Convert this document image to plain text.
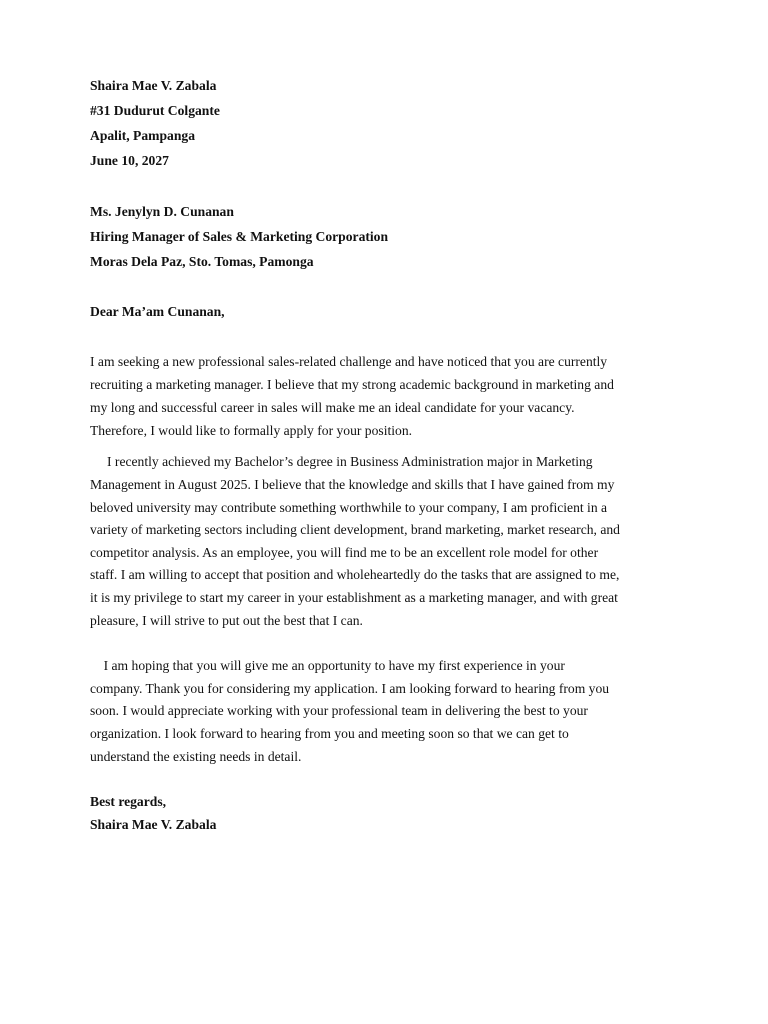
Shaira Mae V. Zabala
#31 Dudurut Colgante
Apalit, Pampanga
June 10, 2027
Ms. Jenylyn D. Cunanan
Hiring Manager of Sales & Marketing Corporation
Moras Dela Paz, Sto. Tomas, Pamonga
Dear Ma’am Cunanan,
I am seeking a new professional sales-related challenge and have noticed that you are currently
recruiting a marketing manager. I believe that my strong academic background in marketing and
my long and successful career in sales will make me an ideal candidate for your vacancy.
Therefore, I would like to formally apply for your position.
I recently achieved my Bachelor’s degree in Business Administration major in Marketing
Management in August 2025. I believe that the knowledge and skills that I have gained from my
beloved university may contribute something worthwhile to your company, I am proficient in a
variety of marketing sectors including client development, brand marketing, market research, and
competitor analysis. As an employee, you will find me to be an excellent role model for other
staff. I am willing to accept that position and wholeheartedly do the tasks that are assigned to me,
it is my privilege to start my career in your establishment as a marketing manager, and with great
pleasure, I will strive to put out the best that I can.
I am hoping that you will give me an opportunity to have my first experience in your
company. Thank you for considering my application. I am looking forward to hearing from you
soon. I would appreciate working with your professional team in delivering the best to your
organization. I look forward to hearing from you and meeting soon so that we can get to
understand the existing needs in detail.
Best regards,
Shaira Mae V. Zabala
